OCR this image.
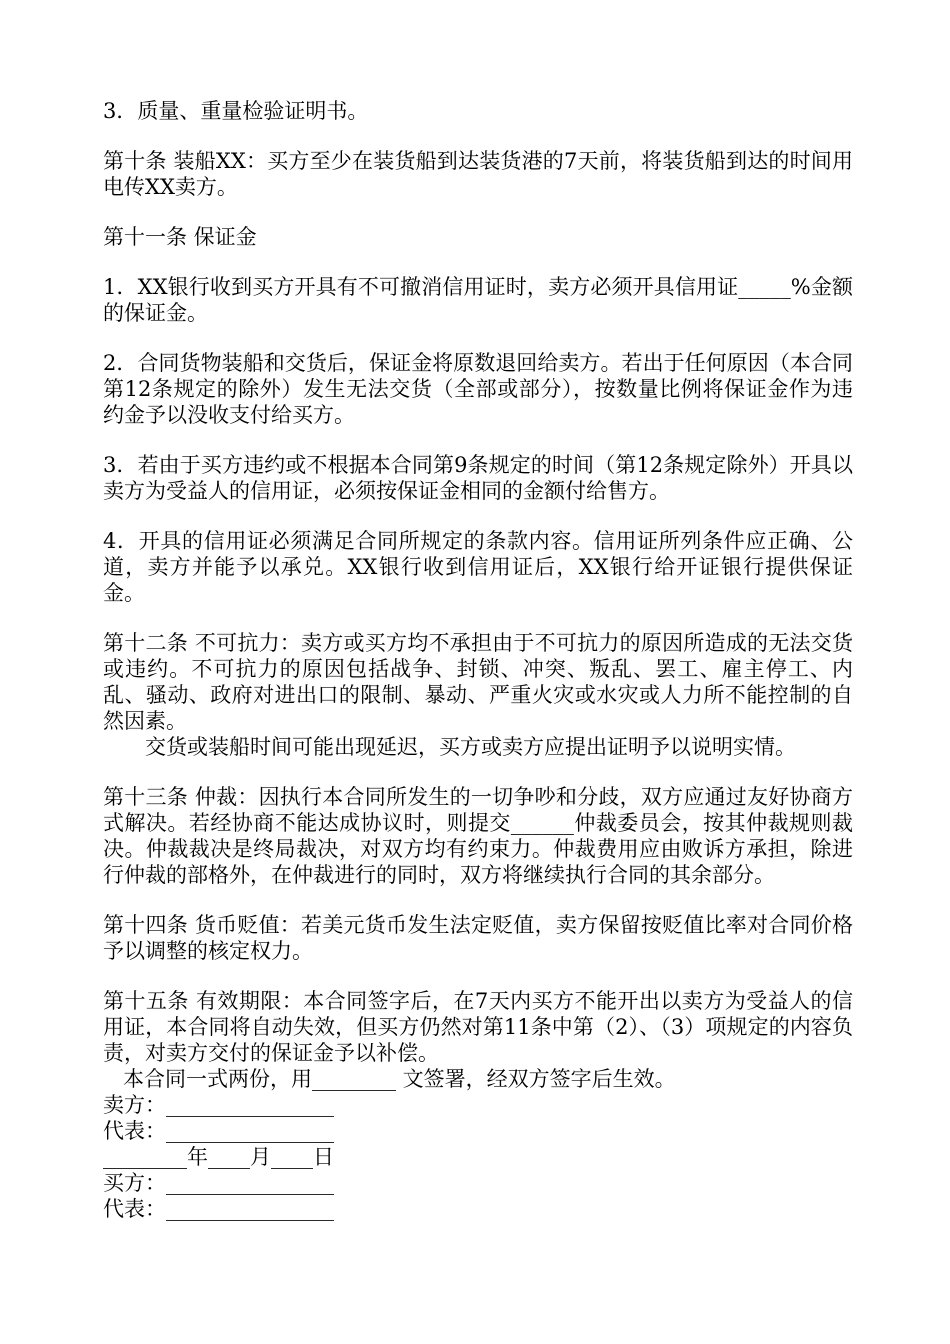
3．质量、重量检验证明书。

第十条 装船XX：买方至少在装货船到达装货港的7天前，将装货船到达的时间用电传XX卖方。

第十一条 保证金

1．XX银行收到买方开具有不可撤消信用证时，卖方必须开具信用证_____%金额的保证金。

2．合同货物装船和交货后，保证金将原数退回给卖方。若出于任何原因（本合同第12条规定的除外）发生无法交货（全部或部分），按数量比例将保证金作为违约金予以没收支付给买方。

3．若由于买方违约或不根据本合同第9条规定的时间（第12条规定除外）开具以卖方为受益人的信用证，必须按保证金相同的金额付给售方。

4．开具的信用证必须满足合同所规定的条款内容。信用证所列条件应正确、公道，卖方并能予以承兑。XX银行收到信用证后，XX银行给开证银行提供保证金。

第十二条 不可抗力：卖方或买方均不承担由于不可抗力的原因所造成的无法交货或违约。不可抗力的原因包括战争、封锁、冲突、叛乱、罢工、雇主停工、内乱、骚动、政府对进出口的限制、暴动、严重火灾或水灾或人力所不能控制的自然因素。

交货或装船时间可能出现延迟，买方或卖方应提出证明予以说明实情。

第十三条 仲裁：因执行本合同所发生的一切争吵和分歧，双方应通过友好协商方式解决。若经协商不能达成协议时，则提交______仲裁委员会，按其仲裁规则裁决。仲裁裁决是终局裁决，对双方均有约束力。仲裁费用应由败诉方承担，除进行仲裁的部格外，在仲裁进行的同时，双方将继续执行合同的其余部分。

第十四条 货币贬值：若美元货币发生法定贬值，卖方保留按贬值比率对合同价格予以调整的核定权力。

第十五条 有效期限：本合同签字后，在7天内买方不能开出以卖方为受益人的信用证，本合同将自动失效，但买方仍然对第11条中第（2）、（3）项规定的内容负责，对卖方交付的保证金予以补偿。

本合同一式两份，用________ 文签署，经双方签字后生效。

卖方：________________

代表：________________

________年____月____日

买方：________________

代表：________________
